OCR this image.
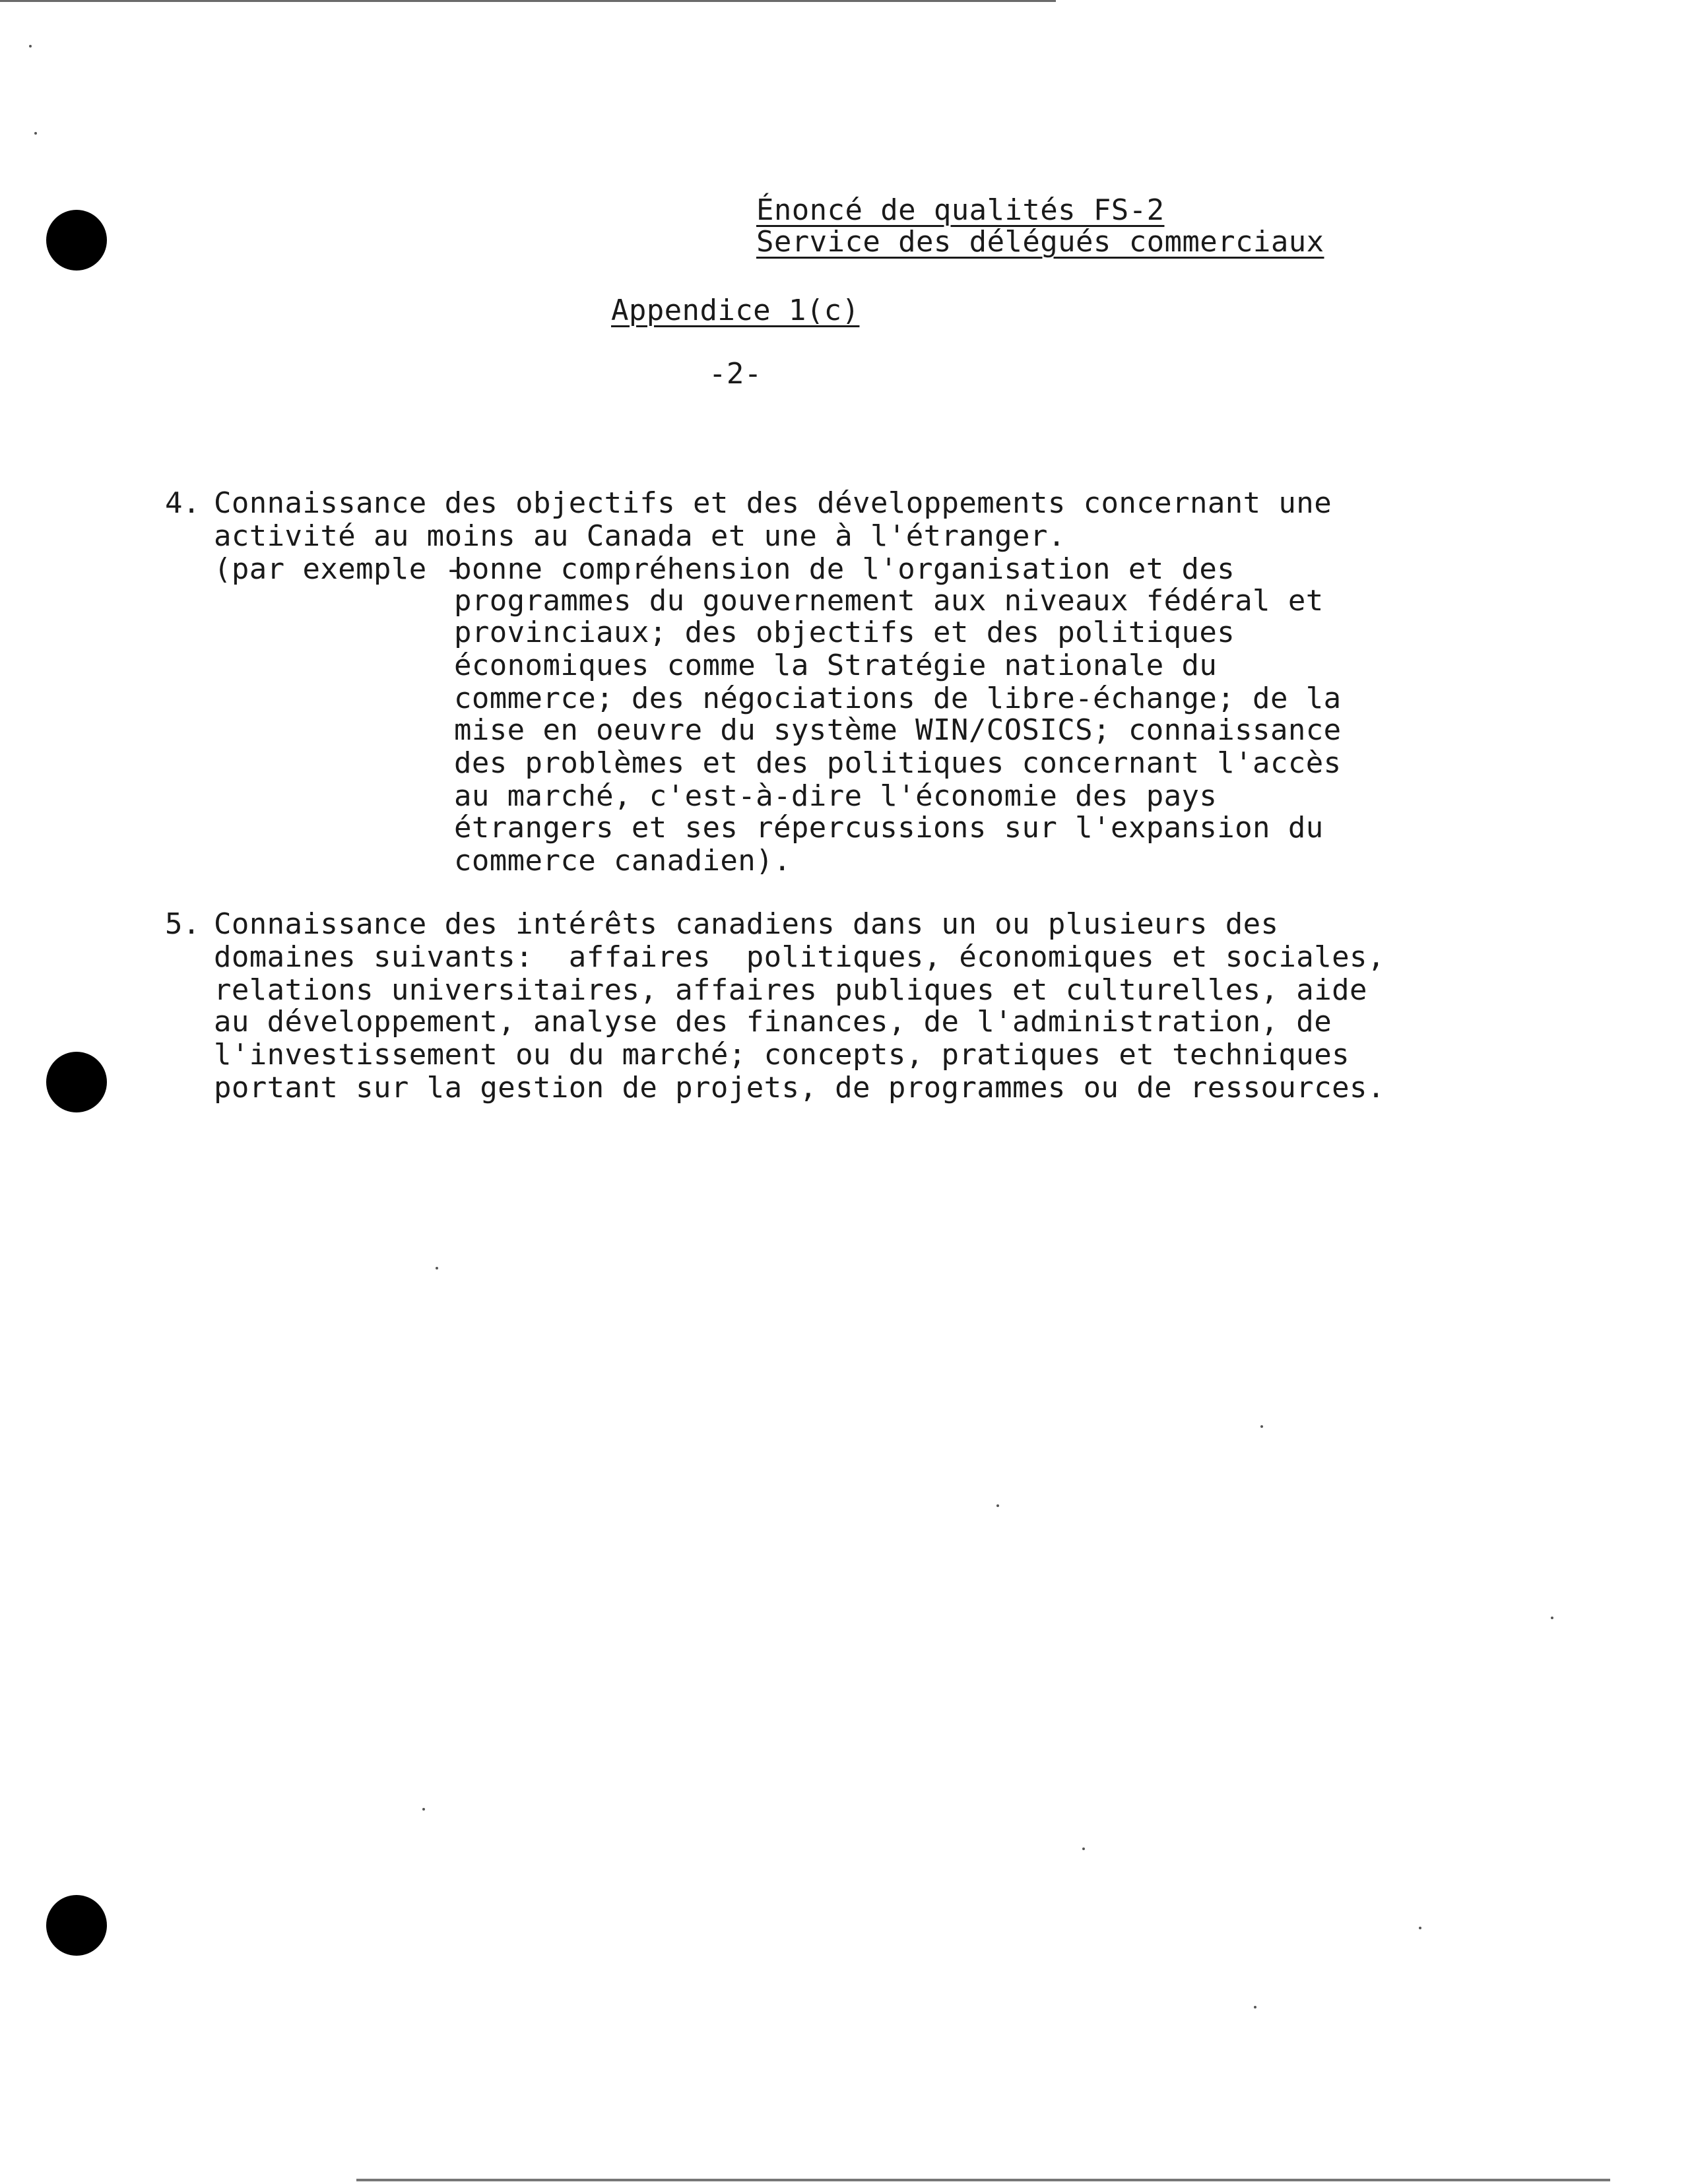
Énoncé de qualités FS-2
Service des délégués commerciaux
Appendice 1(c)
-2-
4. Connaissance des objectifs et des développements concernant une
activité au moins au Canada et une à l'étranger.
(par exemple -
bonne compréhension de l'organisation et des
programmes du gouvernement aux niveaux fédéral et
provinciaux; des objectifs et des politiques
économiques comme la Stratégie nationale du
commerce; des négociations de libre-échange; de la
mise en oeuvre du système WIN/COSICS; connaissance
des problèmes et des politiques concernant l'accès
au marché, c'est-à-dire l'économie des pays
étrangers et ses répercussions sur l'expansion du
commerce canadien).
5. Connaissance des intérêts canadiens dans un ou plusieurs des
domaines suivants:  affaires  politiques, économiques et sociales,
relations universitaires, affaires publiques et culturelles, aide
au développement, analyse des finances, de l'administration, de
l'investissement ou du marché; concepts, pratiques et techniques
portant sur la gestion de projets, de programmes ou de ressources.
